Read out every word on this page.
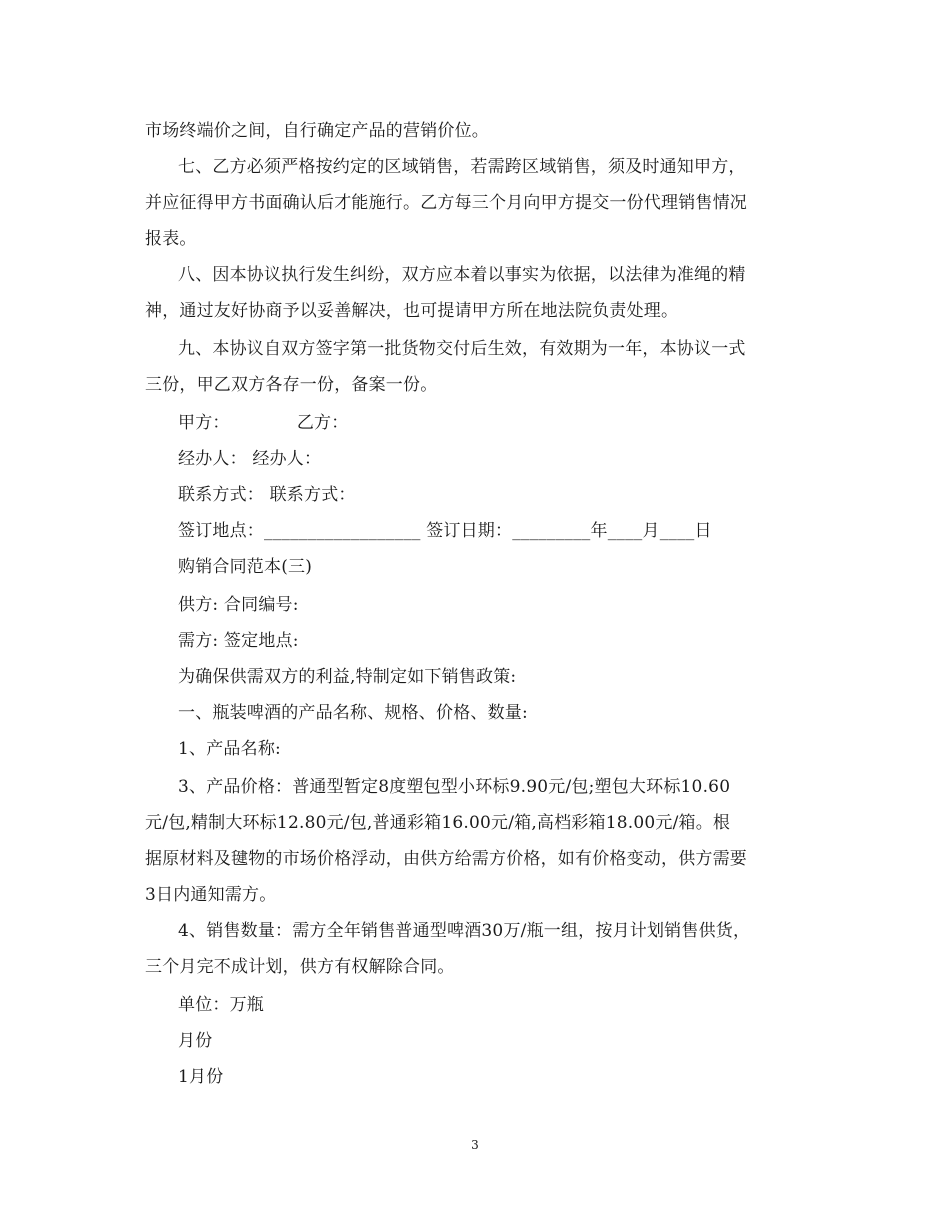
市场终端价之间，自行确定产品的营销价位。
七、乙方必须严格按约定的区域销售，若需跨区域销售，须及时通知甲方，
并应征得甲方书面确认后才能施行。乙方每三个月向甲方提交一份代理销售情况
报表。
八、因本协议执行发生纠纷，双方应本着以事实为依据，以法律为准绳的精
神，通过友好协商予以妥善解决，也可提请甲方所在地法院负责处理。
九、本协议自双方签字第一批货物交付后生效，有效期为一年，本协议一式
三份，甲乙双方各存一份，备案一份。
甲方：            乙方：
经办人： 经办人：
联系方式： 联系方式：
签订地点：__________________ 签订日期：_________年____月____日
购销合同范本(三)
供方: 合同编号:
需方: 签定地点:
为确保供需双方的利益,特制定如下销售政策:
一、瓶装啤酒的产品名称、规格、价格、数量:
1、产品名称:
3、产品价格：普通型暂定8度塑包型小环标9.90元/包;塑包大环标10.60
元/包,精制大环标12.80元/包,普通彩箱16.00元/箱,高档彩箱18.00元/箱。根
据原材料及毽物的市场价格浮动，由供方给需方价格，如有价格变动，供方需要
3日内通知需方。
4、销售数量：需方全年销售普通型啤酒30万/瓶一组，按月计划销售供货，
三个月完不成计划，供方有权解除合同。
单位：万瓶
月份
1月份
3
